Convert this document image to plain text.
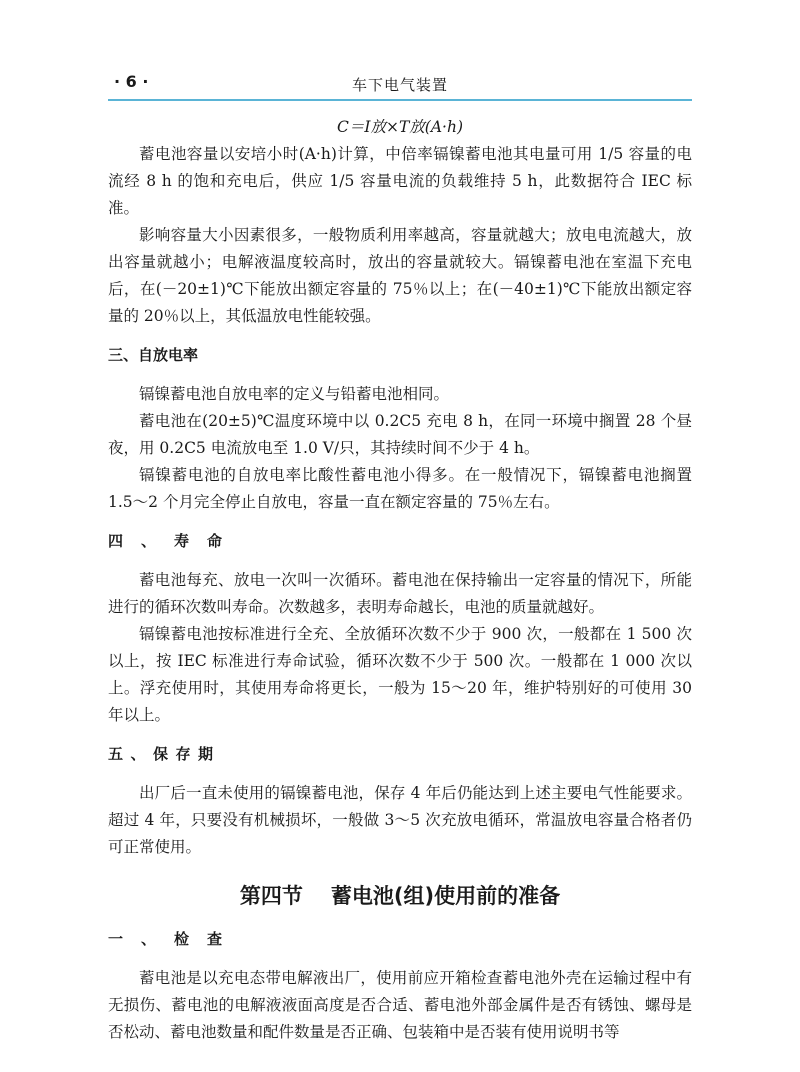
· 6 ·	车下电气装置
C＝I放×T放(A·h)

蓄电池容量以安培小时(A·h)计算，中倍率镉镍蓄电池其电量可用 1/5 容量的电流经 8 h 的饱和充电后，供应 1/5 容量电流的负载维持 5 h，此数据符合 IEC 标准。

影响容量大小因素很多，一般物质利用率越高，容量就越大；放电电流越大，放出容量就越小；电解液温度较高时，放出的容量就较大。镉镍蓄电池在室温下充电后，在(－20±1)℃下能放出额定容量的 75％以上；在(－40±1)℃下能放出额定容量的 20％以上，其低温放电性能较强。

三、自放电率

镉镍蓄电池自放电率的定义与铅蓄电池相同。

蓄电池在(20±5)℃温度环境中以 0.2C5 充电 8 h，在同一环境中搁置 28 个昼夜，用 0.2C5 电流放电至 1.0 V/只，其持续时间不少于 4 h。

镉镍蓄电池的自放电率比酸性蓄电池小得多。在一般情况下，镉镍蓄电池搁置 1.5～2 个月完全停止自放电，容量一直在额定容量的 75％左右。

四、寿命

蓄电池每充、放电一次叫一次循环。蓄电池在保持输出一定容量的情况下，所能进行的循环次数叫寿命。次数越多，表明寿命越长，电池的质量就越好。

镉镍蓄电池按标准进行全充、全放循环次数不少于 900 次，一般都在 1 500 次以上，按 IEC 标准进行寿命试验，循环次数不少于 500 次。一般都在 1 000 次以上。浮充使用时，其使用寿命将更长，一般为 15～20 年，维护特别好的可使用 30 年以上。

五、保存期

出厂后一直未使用的镉镍蓄电池，保存 4 年后仍能达到上述主要电气性能要求。超过 4 年，只要没有机械损坏，一般做 3～5 次充放电循环，常温放电容量合格者仍可正常使用。

第四节 蓄电池(组)使用前的准备
一、检查

蓄电池是以充电态带电解液出厂，使用前应开箱检查蓄电池外壳在运输过程中有无损伤、蓄电池的电解液液面高度是否合适、蓄电池外部金属件是否有锈蚀、螺母是否松动、蓄电池数量和配件数量是否正确、包装箱中是否装有使用说明书等
